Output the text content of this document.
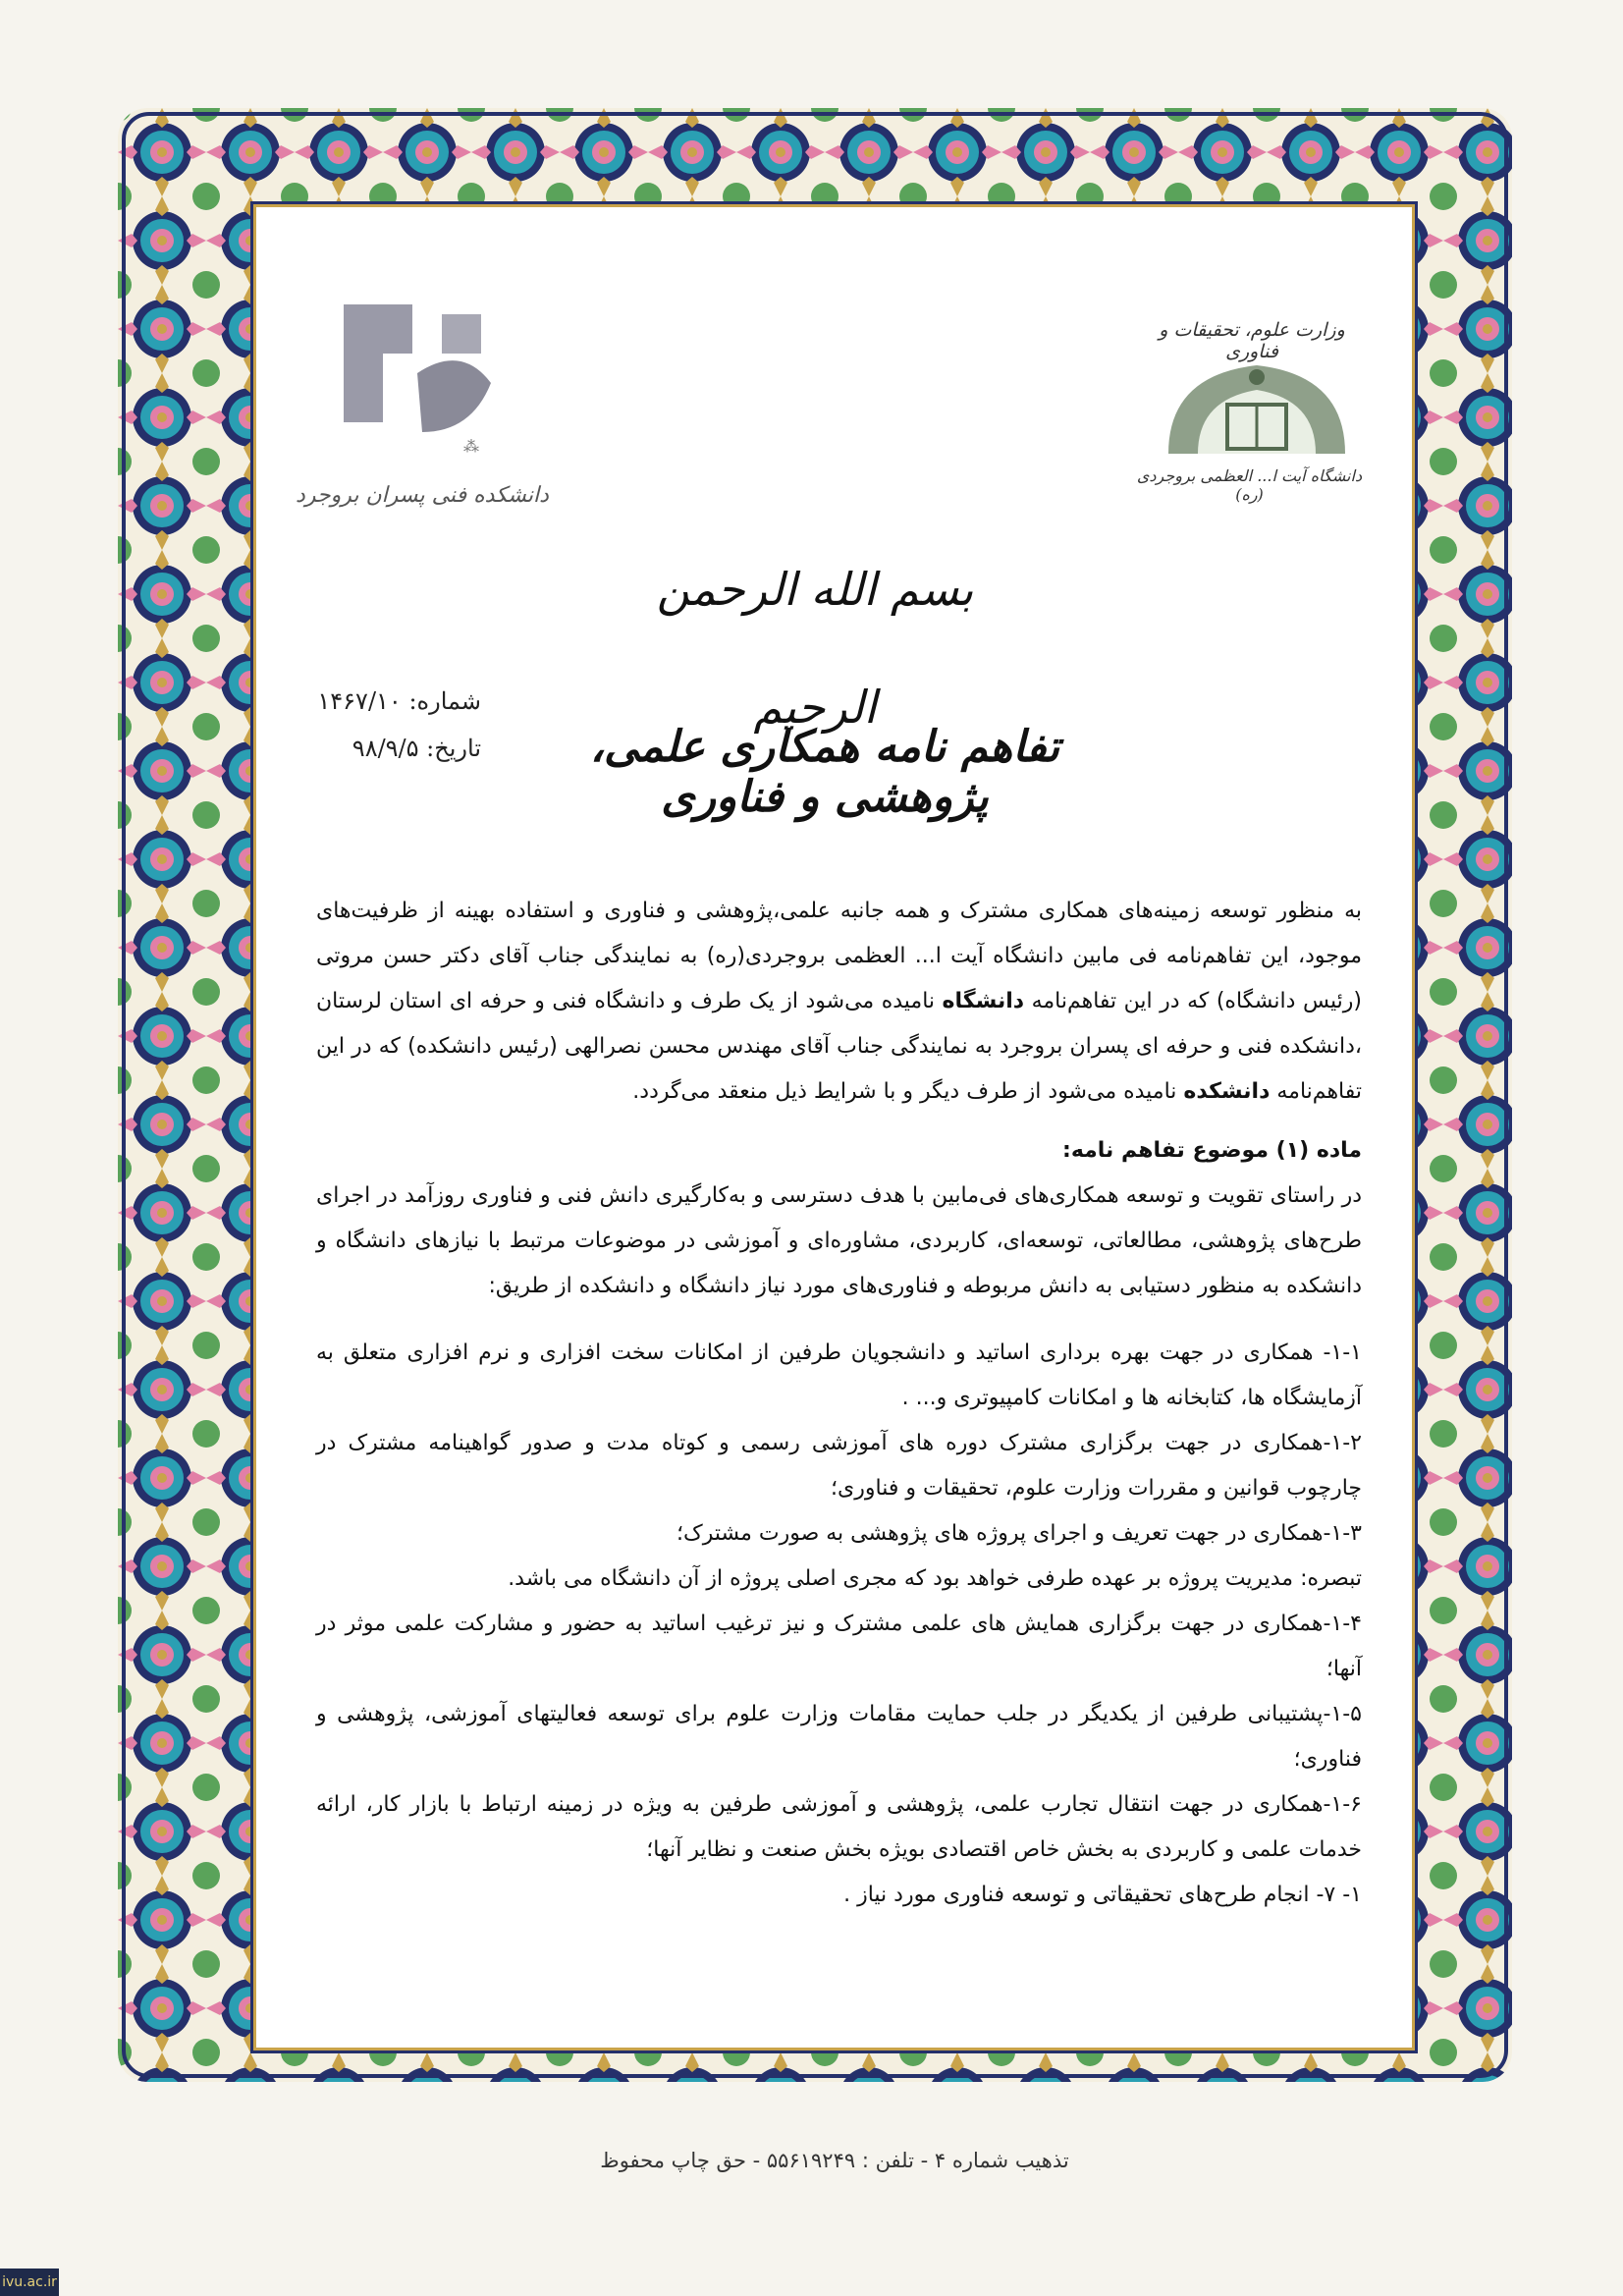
⁂
دانشکده فنی پسران بروجرد
وزارت علوم، تحقیقات و فناوری
دانشگاه آیت ا... العظمی بروجردی (ره)
بسم الله الرحمن الرحیم
شماره: ۱۴۶۷/۱۰
تاریخ: ۹۸/۹/۵	تفاهم نامه همکاری علمی، پژوهشی و فناوری

به منظور توسعه زمینه‌های همکاری مشترک و همه جانبه علمی،پژوهشی و فناوری و استفاده بهینه از ظرفیت‌های موجود، این تفاهم‌نامه فی مابین دانشگاه آیت ا... العظمی بروجردی(ره) به نمایندگی جناب آقای دکتر حسن مروتی (رئیس دانشگاه) که در این تفاهم‌نامه دانشگاه نامیده می‌شود از یک طرف و دانشگاه فنی و حرفه ای استان لرستان ،دانشکده فنی و حرفه ای پسران بروجرد به نمایندگی جناب آقای مهندس محسن نصرالهی (رئیس دانشکده) که در این تفاهم‌نامه دانشکده نامیده می‌شود از طرف دیگر و با شرایط ذیل منعقد می‌گردد.

ماده (۱) موضوع تفاهم نامه:

در راستای تقویت و توسعه همکاری‌های فی‌مابین با هدف دسترسی و به‌کارگیری دانش فنی و فناوری روزآمد در اجرای طرح‌های پژوهشی، مطالعاتی، توسعه‌ای، کاربردی، مشاوره‌ای و آموزشی در موضوعات مرتبط با نیازهای دانشگاه و دانشکده به منظور دستیابی به دانش مربوطه و فناوری‌های مورد نیاز دانشگاه و دانشکده از طریق:

۱-۱- همکاری در جهت بهره برداری اساتید و دانشجویان طرفین از امکانات سخت افزاری و نرم افزاری متعلق به آزمایشگاه ها، کتابخانه ها و امکانات کامپیوتری و... .

۱-۲-همکاری در جهت برگزاری مشترک دوره های آموزشی رسمی و کوتاه مدت و صدور گواهینامه مشترک در چارچوب قوانین و مقررات وزارت علوم، تحقیقات و فناوری؛

۱-۳-همکاری در جهت تعریف و اجرای پروژه های پژوهشی به صورت مشترک؛

تبصره: مدیریت پروژه بر عهده طرفی خواهد بود که مجری اصلی پروژه از آن دانشگاه می باشد.

۱-۴-همکاری در جهت برگزاری همایش های علمی مشترک و نیز ترغیب اساتید به حضور و مشارکت علمی موثر در آنها؛

۱-۵-پشتیبانی طرفین از یکدیگر در جلب حمایت مقامات وزارت علوم برای توسعه فعالیتهای آموزشی، پژوهشی و فناوری؛

۱-۶-همکاری در جهت انتقال تجارب علمی، پژوهشی و آموزشی طرفین به ویژه در زمینه ارتباط با بازار کار، ارائه خدمات علمی و کاربردی به بخش خاص اقتصادی بویژه بخش صنعت و نظایر آنها؛

۱- ۷- انجام طرح‌های تحقیقاتی و توسعه فناوری مورد نیاز .

تذهیب شماره ۴ - تلفن : ۵۵۶۱۹۲۴۹ - حق چاپ محفوظ
ivu.ac.ir
